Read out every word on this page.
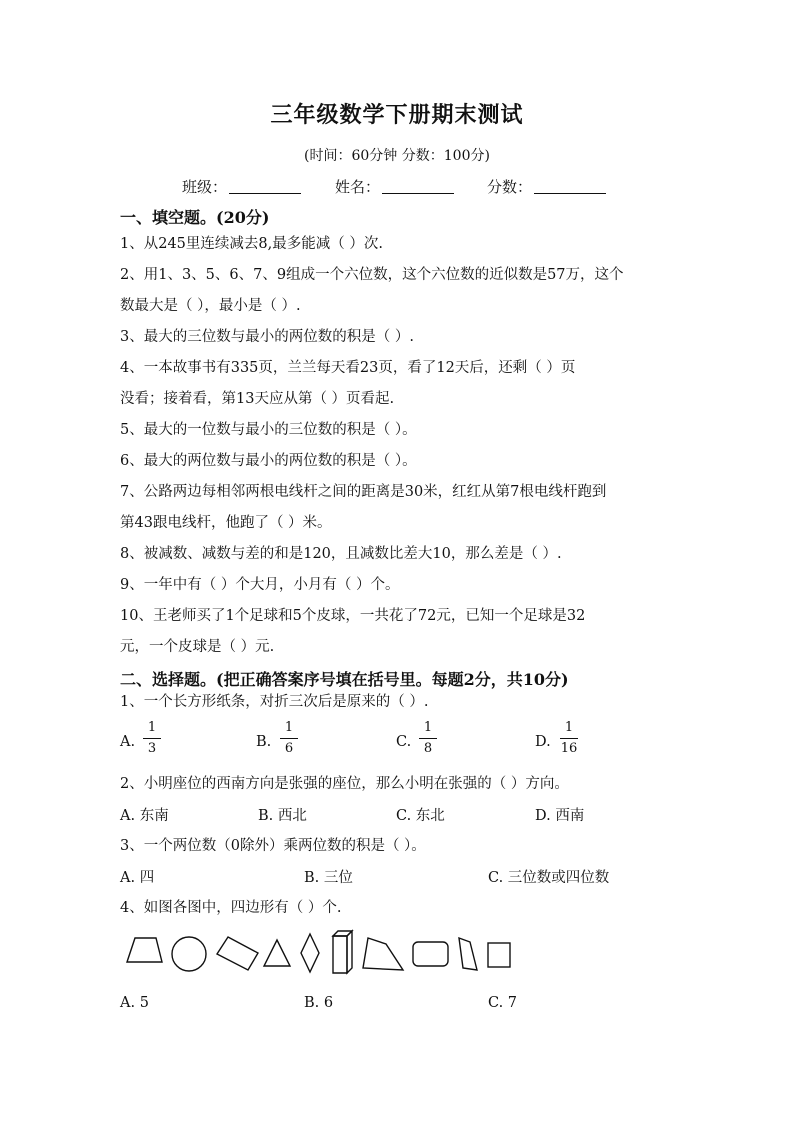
三年级数学下册期末测试
(时间：60分钟 分数：100分)
班级：	姓名：	分数：
一、填空题。(20分)
1、从245里连续减去8,最多能减（ ）次.
2、用1、3、5、6、7、9组成一个六位数，这个六位数的近似数是57万，这个
数最大是（ ），最小是（ ）.
3、最大的三位数与最小的两位数的积是（ ）.
4、一本故事书有335页，兰兰每天看23页，看了12天后，还剩（ ）页
没看；接着看，第13天应从第（ ）页看起.
5、最大的一位数与最小的三位数的积是（ ）。
6、最大的两位数与最小的两位数的积是（ ）。
7、公路两边每相邻两根电线杆之间的距离是30米，红红从第7根电线杆跑到
第43跟电线杆，他跑了（ ）米。
8、被减数、减数与差的和是120，且减数比差大10，那么差是（ ）.
9、一年中有（ ）个大月，小月有（ ）个。
10、王老师买了1个足球和5个皮球，一共花了72元，已知一个足球是32
元，一个皮球是（ ）元.
二、选择题。(把正确答案序号填在括号里。每题2分，共10分)
1、一个长方形纸条，对折三次后是原来的（ ）.
A.
1
3	B.
1
6	C.
1
8	D.
1
16
2、小明座位的西南方向是张强的座位，那么小明在张强的（ ）方向。
A. 东南	B. 西北	C. 东北	D. 西南
3、一个两位数（0除外）乘两位数的积是（ ）。
A. 四	B. 三位	C. 三位数或四位数
4、如图各图中，四边形有（ ）个.
A. 5	B. 6	C. 7
